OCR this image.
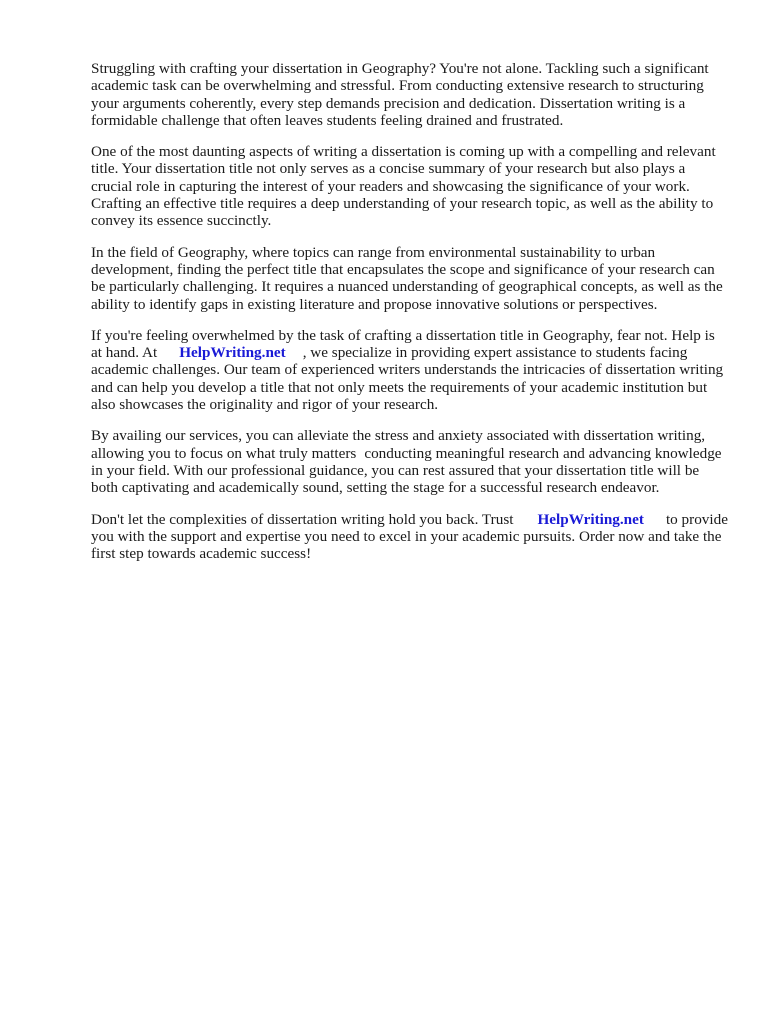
Struggling with crafting your dissertation in Geography? You're not alone. Tackling such a significant academic task can be overwhelming and stressful. From conducting extensive research to structuring your arguments coherently, every step demands precision and dedication. Dissertation writing is a formidable challenge that often leaves students feeling drained and frustrated.

One of the most daunting aspects of writing a dissertation is coming up with a compelling and relevant title. Your dissertation title not only serves as a concise summary of your research but also plays a crucial role in capturing the interest of your readers and showcasing the significance of your work. Crafting an effective title requires a deep understanding of your research topic, as well as the ability to convey its essence succinctly.

In the field of Geography, where topics can range from environmental sustainability to urban development, finding the perfect title that encapsulates the scope and significance of your research can be particularly challenging. It requires a nuanced understanding of geographical concepts, as well as the ability to identify gaps in existing literature and propose innovative solutions or perspectives.

If you're feeling overwhelmed by the task of crafting a dissertation title in Geography, fear not. Help is at hand. At HelpWriting.net , we specialize in providing expert assistance to students facing academic challenges. Our team of experienced writers understands the intricacies of dissertation writing and can help you develop a title that not only meets the requirements of your academic institution but also showcases the originality and rigor of your research.

By availing our services, you can alleviate the stress and anxiety associated with dissertation writing, allowing you to focus on what truly matters conducting meaningful research and advancing knowledge in your field. With our professional guidance, you can rest assured that your dissertation title will be both captivating and academically sound, setting the stage for a successful research endeavor.

Don't let the complexities of dissertation writing hold you back. Trust HelpWriting.net to provide you with the support and expertise you need to excel in your academic pursuits. Order now and take the first step towards academic success!
